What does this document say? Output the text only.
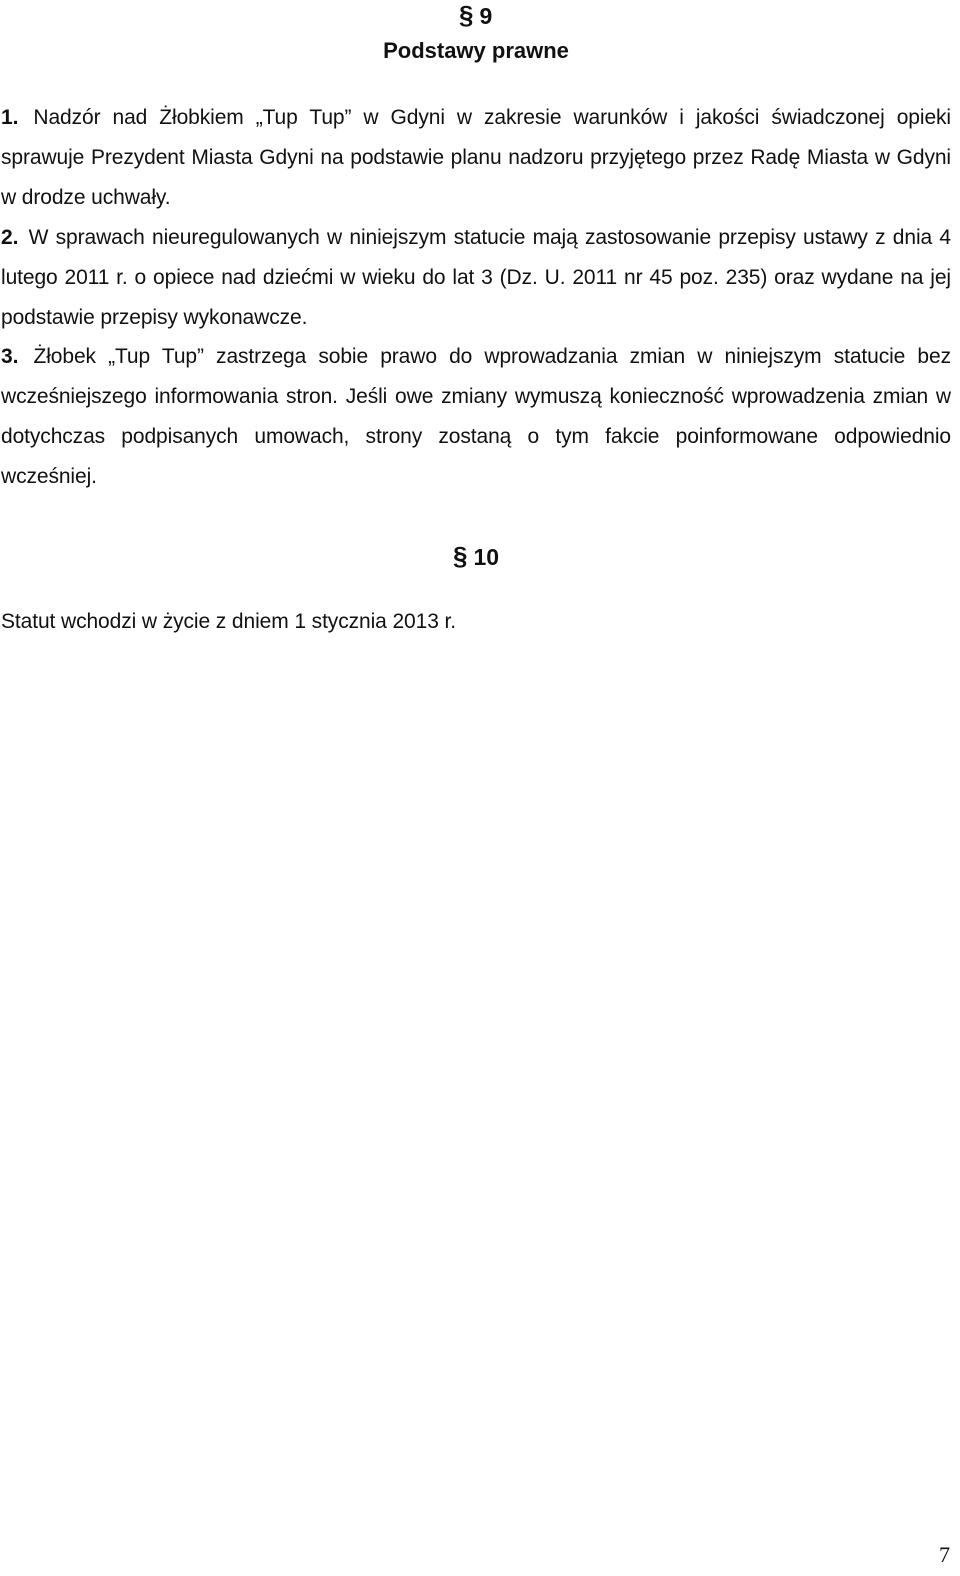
§ 9
Podstawy prawne
1. Nadzór nad Żłobkiem „Tup Tup” w Gdyni w zakresie warunków i jakości świadczonej opieki sprawuje Prezydent Miasta Gdyni na podstawie planu nadzoru przyjętego przez Radę Miasta w Gdyni w drodze uchwały.
2. W sprawach nieuregulowanych w niniejszym statucie mają zastosowanie przepisy ustawy z dnia 4 lutego 2011 r. o opiece nad dziećmi w wieku do lat 3 (Dz. U. 2011 nr 45 poz. 235) oraz wydane na jej podstawie przepisy wykonawcze.
3. Żłobek „Tup Tup” zastrzega sobie prawo do wprowadzania zmian w niniejszym statucie bez wcześniejszego informowania stron. Jeśli owe zmiany wymuszą konieczność wprowadzenia zmian w dotychczas podpisanych umowach, strony zostaną o tym fakcie poinformowane odpowiednio wcześniej.
§ 10
Statut wchodzi w życie z dniem 1 stycznia 2013 r.
7
